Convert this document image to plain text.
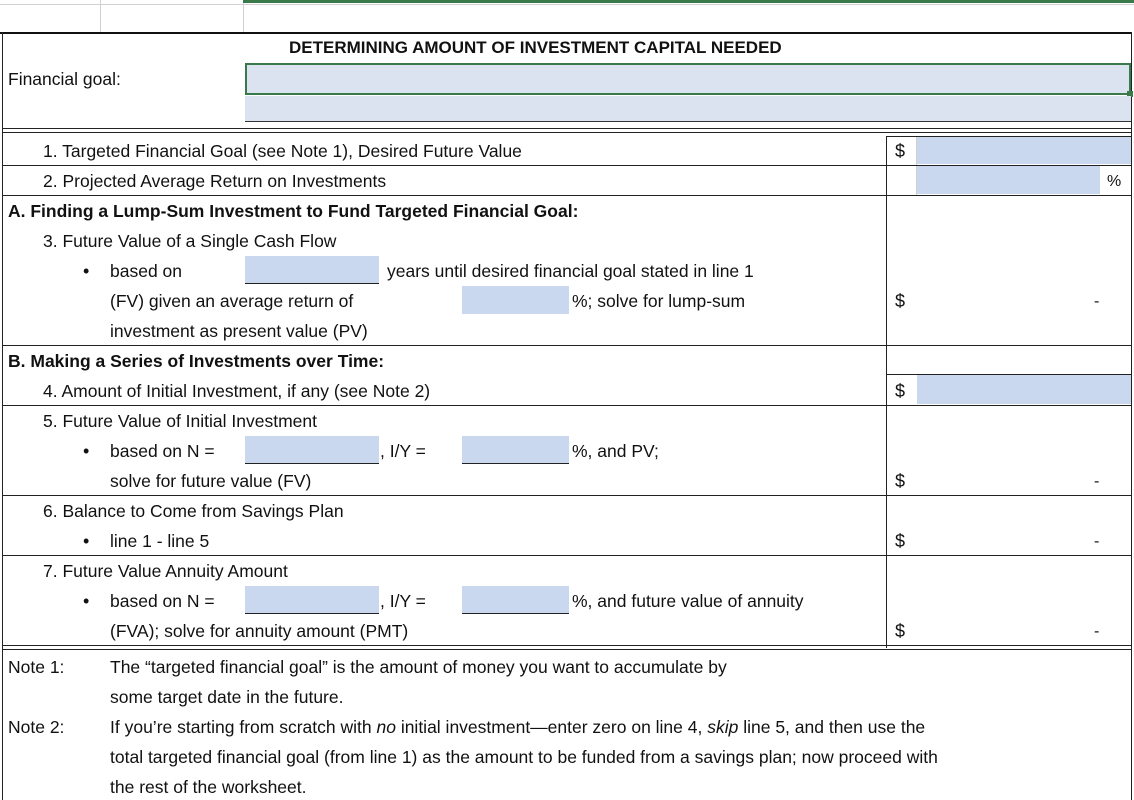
DETERMINING AMOUNT OF INVESTMENT CAPITAL NEEDED
Financial goal:
1. Targeted Financial Goal (see Note 1), Desired Future Value	$
2. Projected Average Return on Investments	%
A. Finding a Lump-Sum Investment to Fund Targeted Financial Goal:
3. Future Value of a Single Cash Flow
• based on	years until desired financial goal stated in line 1
(FV) given an average return of	%; solve for lump-sum	$	-
investment as present value (PV)
B. Making a Series of Investments over Time:
4. Amount of Initial Investment, if any (see Note 2)	$
5. Future Value of Initial Investment
• based on N =	, I/Y =	%, and PV;
solve for future value (FV)	$	-
6. Balance to Come from Savings Plan
• line 1 - line 5	$	-
7. Future Value Annuity Amount
• based on N =	, I/Y =	%, and future value of annuity
(FVA); solve for annuity amount (PMT)	$	-
Note 1:	The “targeted financial goal” is the amount of money you want to accumulate by
some target date in the future.
Note 2:	If you’re starting from scratch with no initial investment—enter zero on line 4, skip line 5, and then use the
total targeted financial goal (from line 1) as the amount to be funded from a savings plan; now proceed with
the rest of the worksheet.
